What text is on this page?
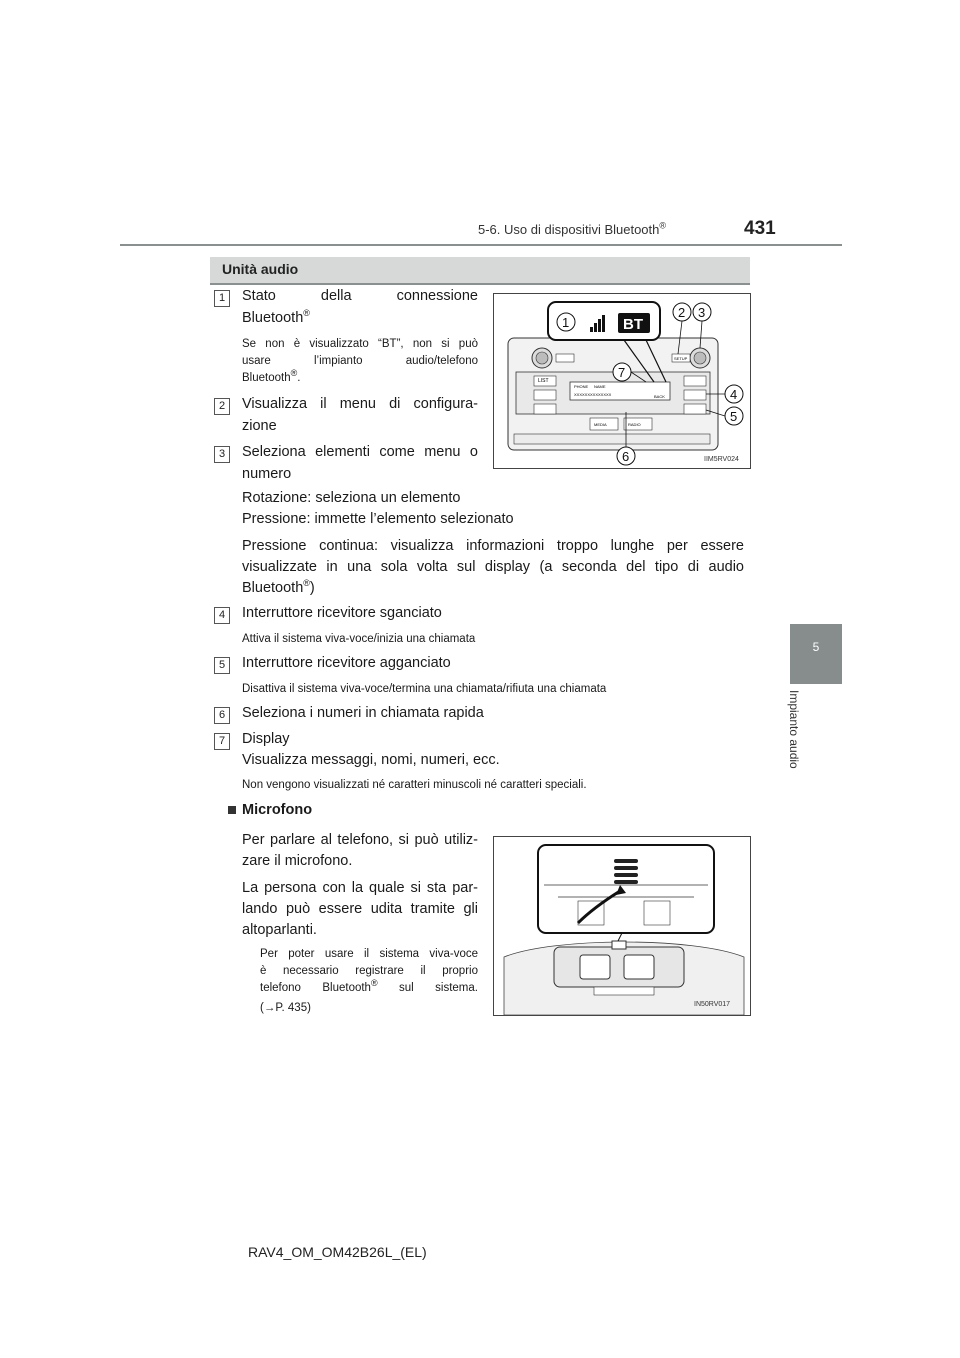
5-6. Uso di dispositivi Bluetooth®	431
5
Impianto audio
Unità audio
1	Stato della connessione
Bluetooth®
Se non è visualizzato “BT”, non si può
usare l’impianto audio/telefono
Bluetooth®.	LIST
SETUP
PHONE NAME
XXXXXXXXXXXXXX	BACK
MEDIA	RADIO
BT
1
2 3
4
5
6
7
IIM5RV024
2	Visualizza il menu di configura-
zione
3	Seleziona elementi come menu o
numero
Rotazione: seleziona un elemento
Pressione: immette l’elemento selezionato
Pressione continua: visualizza informazioni troppo lunghe per essere
visualizzate in una sola volta sul display (a seconda del tipo di audio
Bluetooth®)
4	Interruttore ricevitore sganciato
Attiva il sistema viva-voce/inizia una chiamata
5	Interruttore ricevitore agganciato
Disattiva il sistema viva-voce/termina una chiamata/rifiuta una chiamata
6	Seleziona i numeri in chiamata rapida
7	Display
Visualizza messaggi, nomi, numeri, ecc.
Non vengono visualizzati né caratteri minuscoli né caratteri speciali.
Microfono
Per parlare al telefono, si può utiliz-
zare il microfono.
La persona con la quale si sta par-
lando può essere udita tramite gli
altoparlanti.
Per poter usare il sistema viva-voce
è necessario registrare il proprio
telefono Bluetooth® sul sistema.
(→P. 435)	IN50RV017
RAV4_OM_OM42B26L_(EL)
